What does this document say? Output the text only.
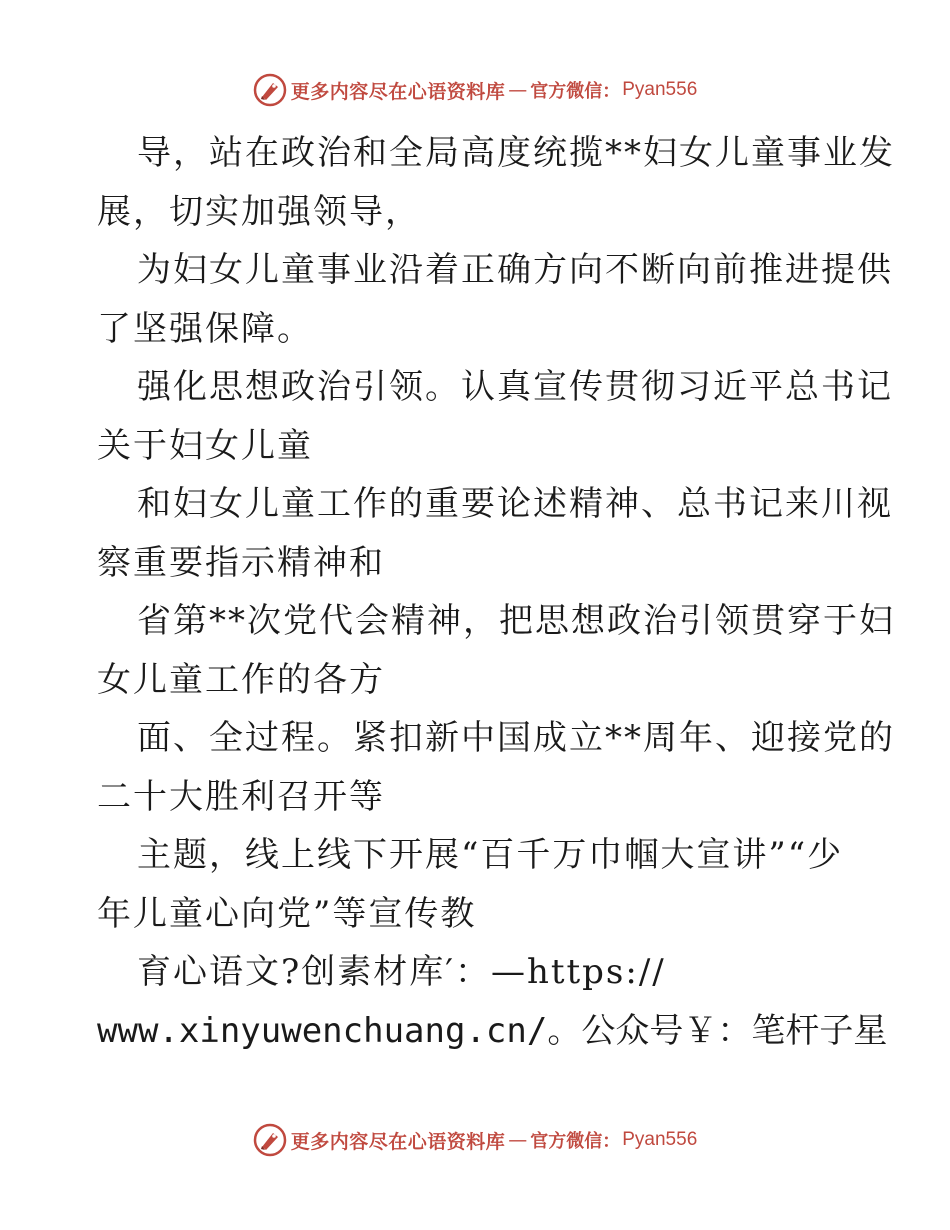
更多内容尽在心语资料库 — 官方微信： Pyan556
导，站在政治和全局高度统揽**妇女儿童事业发
展，切实加强领导，
为妇女儿童事业沿着正确方向不断向前推进提供
了坚强保障。
强化思想政治引领。认真宣传贯彻习近平总书记
关于妇女儿童
和妇女儿童工作的重要论述精神、总书记来川视
察重要指示精神和
省第**次党代会精神，把思想政治引领贯穿于妇
女儿童工作的各方
面、全过程。紧扣新中国成立**周年、迎接党的
二十大胜利召开等
主题，线上线下开展“百千万巾帼大宣讲”“少
年儿童心向党”等宣传教
育心语文?创素材库′：—https://
www.xinyuwenchuang.cn/。公众号￥：笔杆子星
更多内容尽在心语资料库 — 官方微信： Pyan556
